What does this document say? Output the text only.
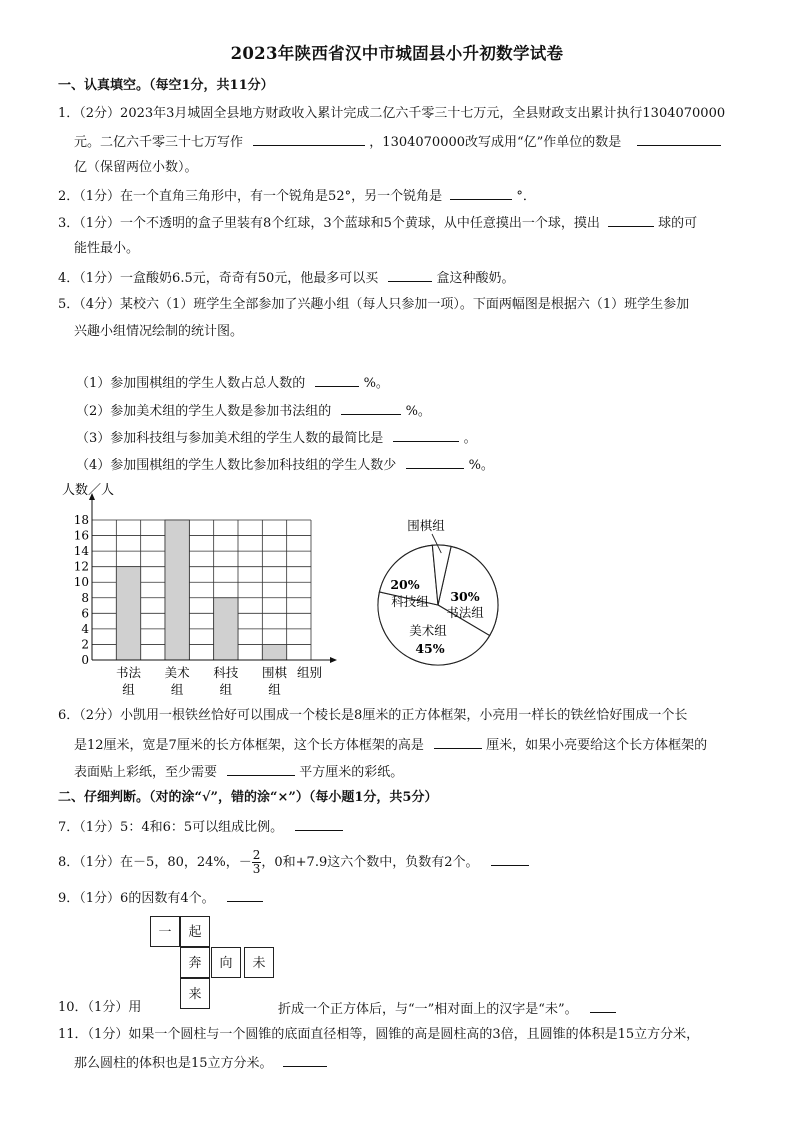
2023年陕西省汉中市城固县小升初数学试卷
一、认真填空。（每空1分，共11分）
1．（2分）2023年3月城固全县地方财政收入累计完成二亿六千零三十七万元，全县财政支出累计执行1304070000
元。二亿六千零三十七万写作	，1304070000改写成用“亿”作单位的数是
亿（保留两位小数）。
2．（1分）在一个直角三角形中，有一个锐角是52°，另一个锐角是	°．
3．（1分）一个不透明的盒子里装有8个红球，3个蓝球和5个黄球，从中任意摸出一个球，摸出	球的可
能性最小。
4．（1分）一盒酸奶6.5元，奇奇有50元，他最多可以买	盒这种酸奶。
5．（4分）某校六（1）班学生全部参加了兴趣小组（每人只参加一项）。下面两幅图是根据六（1）班学生参加
兴趣小组情况绘制的统计图。
（1）参加围棋组的学生人数占总人数的	%。
（2）参加美术组的学生人数是参加书法组的	%。
（3）参加科技组与参加美术组的学生人数的最简比是	。
（4）参加围棋组的学生人数比参加科技组的学生人数少	%。
0
2
4
6
8
10
12
14
16
18
人数／人
组别
书法
组
美术
组
科技
组
围棋
组
30%
书法组
美术组
45%
20%
科技组
围棋组
6．（2分）小凯用一根铁丝恰好可以围成一个棱长是8厘米的正方体框架，小亮用一样长的铁丝恰好围成一个长
是12厘米，宽是7厘米的长方体框架，这个长方体框架的高是	厘米，如果小亮要给这个长方体框架的
表面贴上彩纸，至少需要	平方厘米的彩纸。
二、仔细判断。（对的涂“√”，错的涂“×”）（每小题1分，共5分）
7．（1分）5：4和6：5可以组成比例。
8．（1分）在－5，80，24%，－ $\frac{2}{3}$ ，0和+7.9这六个数中，负数有2个。
9．（1分）6的因数有4个。
一	起
奔	向	未
来
10．（1分）用	折成一个正方体后，与“一”相对面上的汉字是“未”。
11．（1分）如果一个圆柱与一个圆锥的底面直径相等，圆锥的高是圆柱高的3倍，且圆锥的体积是15立方分米，
那么圆柱的体积也是15立方分米。
